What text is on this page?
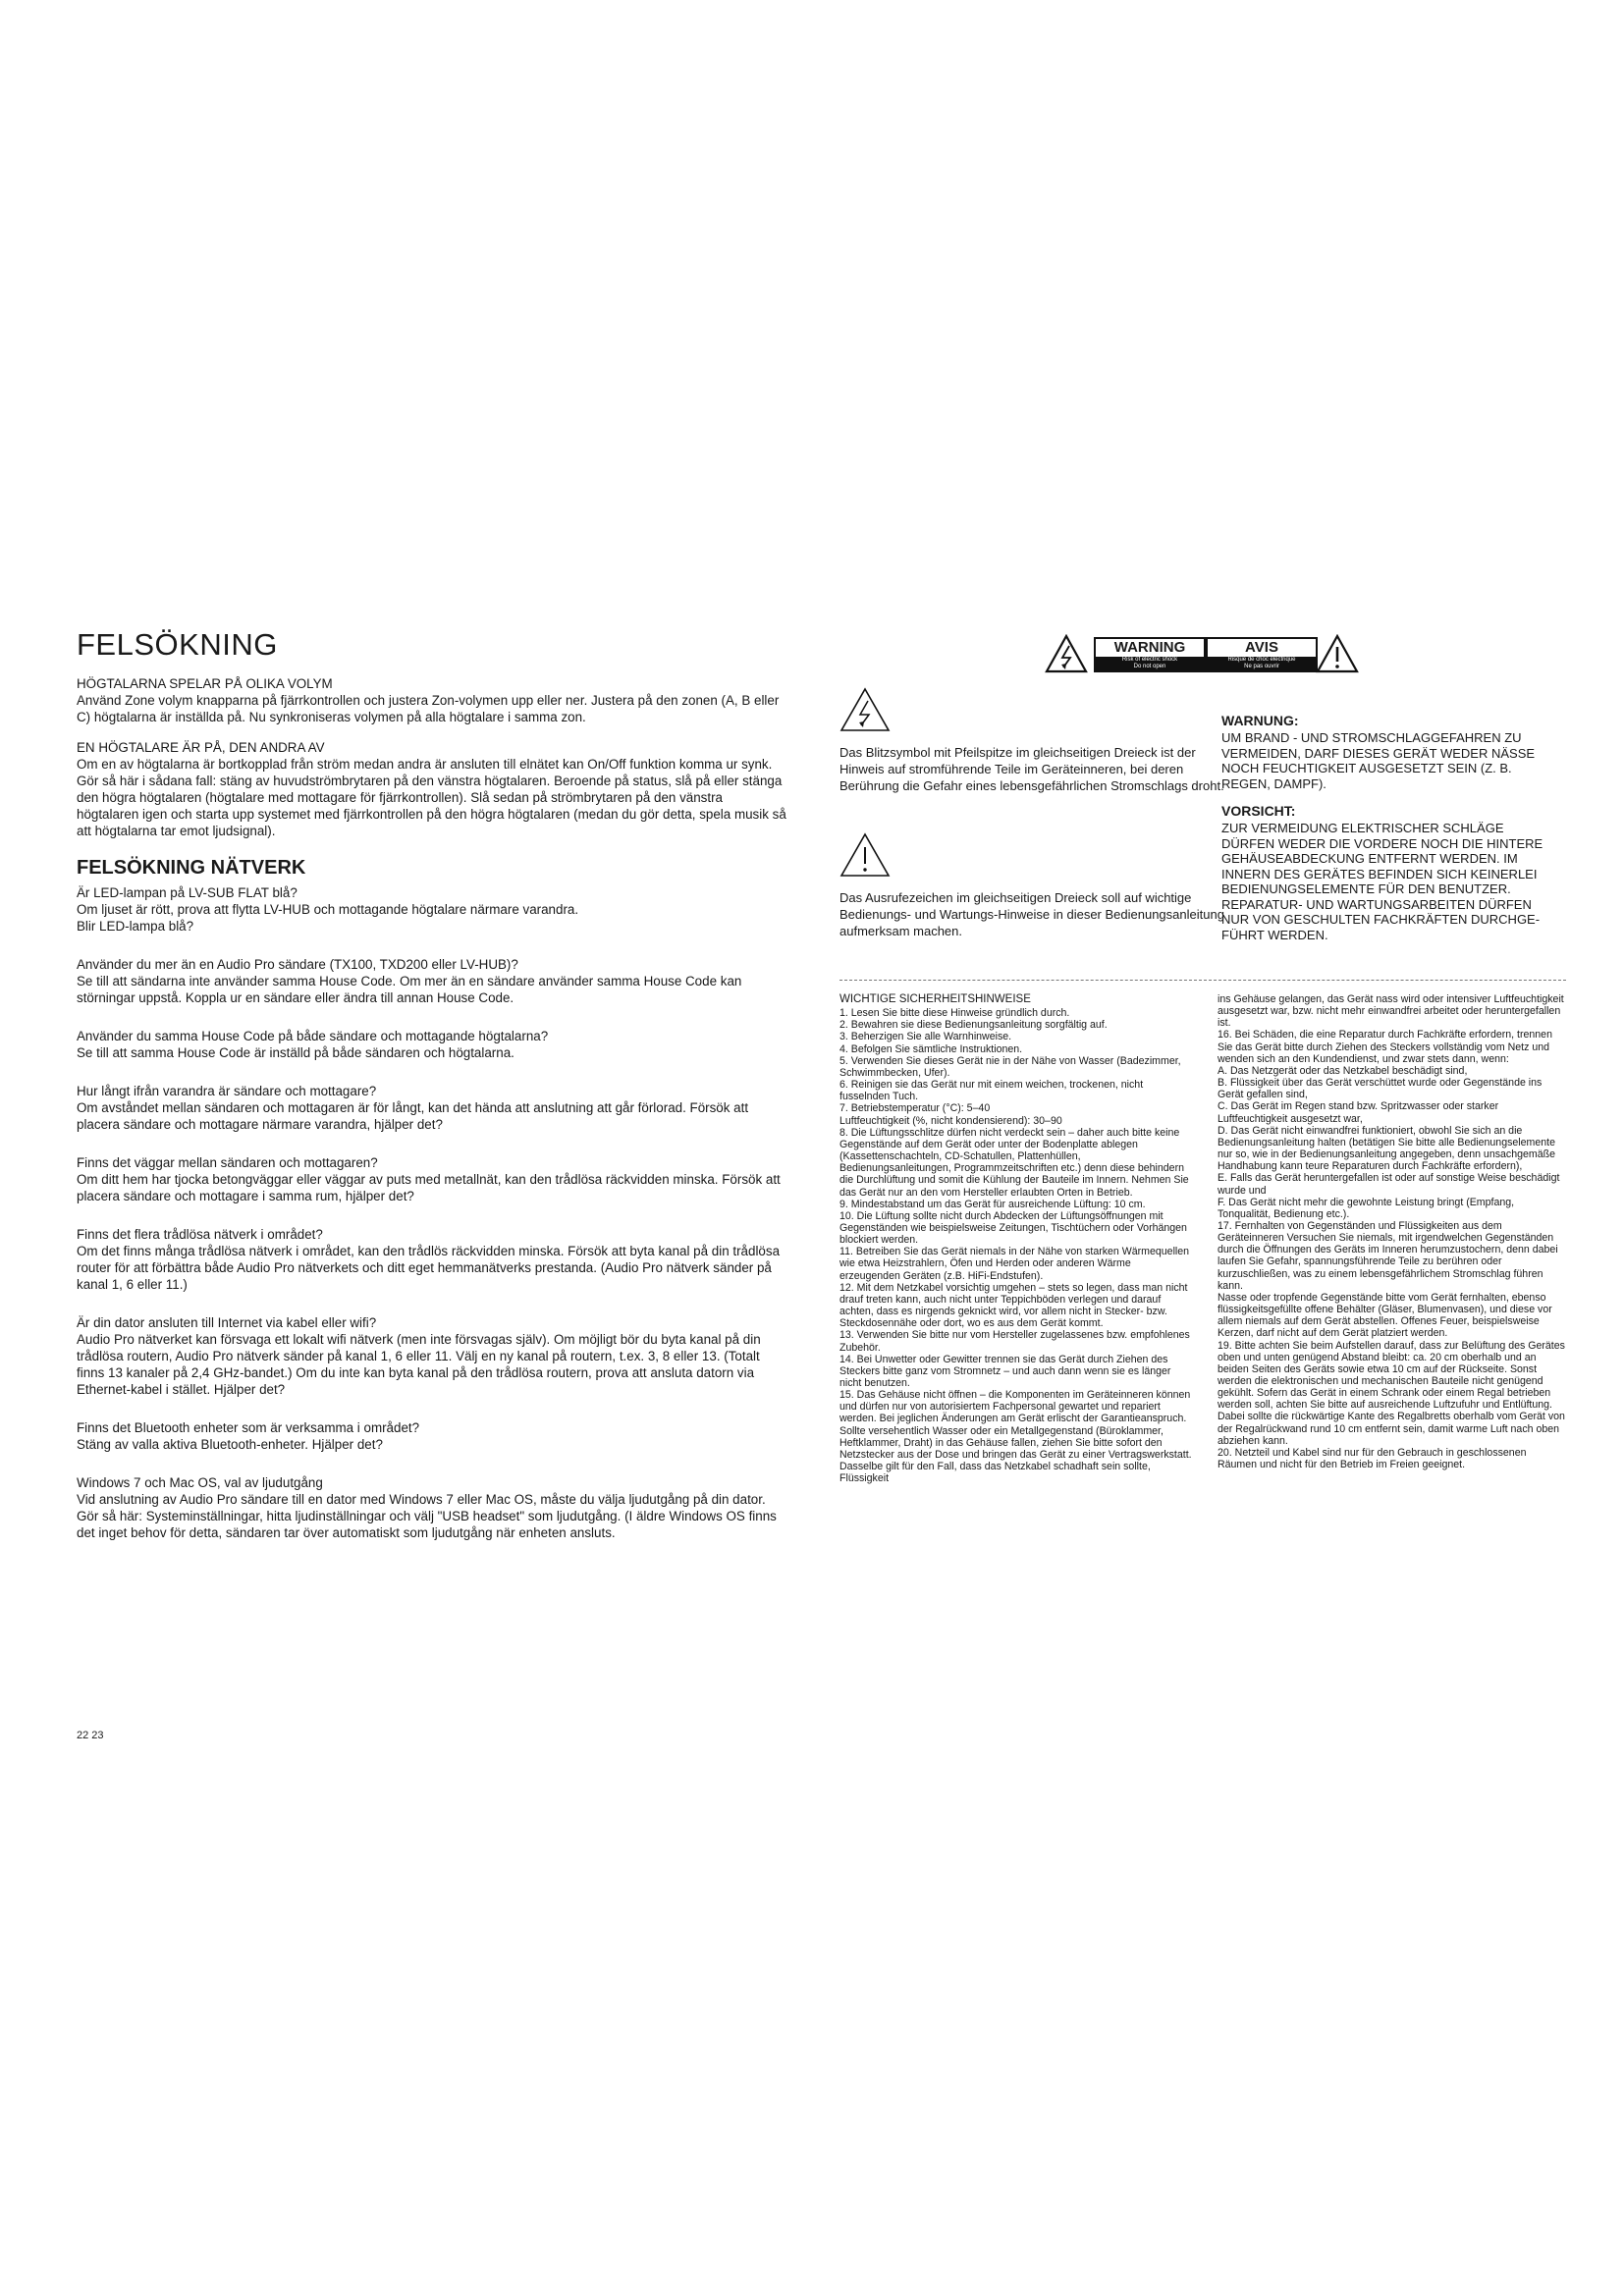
FELSÖKNING

HÖGTALARNA SPELAR PÅ OLIKA VOLYM

Använd Zone volym knapparna på fjärrkontrollen och justera Zon-volymen upp eller ner. Justera på den zonen (A, B eller C) högtalarna är inställda på. Nu synkroniseras volymen på alla högtalare i samma zon.

EN HÖGTALARE ÄR PÅ, DEN ANDRA AV

Om en av högtalarna är bortkopplad från ström medan andra är ansluten till elnätet kan On/Off funktion komma ur synk. Gör så här i sådana fall: stäng av huvudströmbrytaren på den vänstra högtalaren. Beroende på status, slå på eller stänga den högra högtalaren (högtalare med mottagare för fjärrkontrollen). Slå sedan på strömbrytaren på den vänstra högtalaren igen och starta upp systemet med fjärrkontrollen på den högra högtalaren (medan du gör detta, spela musik så att högtalarna tar emot ljudsignal).

FELSÖKNING NÄTVERK

Är LED-lampan på LV-SUB FLAT blå?

Om ljuset är rött, prova att flytta LV-HUB och mottagande högtalare närmare varandra.
Blir LED-lampa blå?

Använder du mer än en Audio Pro sändare (TX100, TXD200 eller LV-HUB)?

Se till att sändarna inte använder samma House Code. Om mer än en sändare använder samma House Code kan störningar uppstå. Koppla ur en sändare eller ändra till annan House Code.

Använder du samma House Code på både sändare och mottagande högtalarna?

Se till att samma House Code är inställd på både sändaren och högtalarna.

Hur långt ifrån varandra är sändare och mottagare?

Om avståndet mellan sändaren och mottagaren är för långt, kan det hända att anslutning att går förlorad. Försök att placera sändare och mottagare närmare varandra, hjälper det?

Finns det väggar mellan sändaren och mottagaren?

Om ditt hem har tjocka betongväggar eller väggar av puts med metallnät, kan den trådlösa räckvidden minska. Försök att placera sändare och mottagare i samma rum, hjälper det?

Finns det flera trådlösa nätverk i området?

Om det finns många trådlösa nätverk i området, kan den trådlös räckvidden minska. Försök att byta kanal på din trådlösa router för att förbättra både Audio Pro nätverkets och ditt eget hemmanätverks prestanda. (Audio Pro nätverk sänder på kanal 1, 6 eller 11.)

Är din dator ansluten till Internet via kabel eller wifi?

Audio Pro nätverket kan försvaga ett lokalt wifi nätverk (men inte försvagas själv). Om möjligt bör du byta kanal på din trådlösa routern, Audio Pro nätverk sänder på kanal 1, 6 eller 11. Välj en ny kanal på routern, t.ex. 3, 8 eller 13. (Totalt finns 13 kanaler på 2,4 GHz-bandet.) Om du inte kan byta kanal på den trådlösa routern, prova att ansluta datorn via Ethernet-kabel i stället. Hjälper det?

Finns det Bluetooth enheter som är verksamma i området?

Stäng av valla aktiva Bluetooth-enheter. Hjälper det?

Windows 7 och Mac OS, val av ljudutgång

Vid anslutning av Audio Pro sändare till en dator med Windows 7 eller Mac OS, måste du välja ljudutgång på din dator. Gör så här: Systeminställningar, hitta ljudinställningar och välj "USB headset" som ljudutgång. (I äldre Windows OS finns det inget behov för detta, sändaren tar över automatiskt som ljudutgång när enheten ansluts.

22 23
WARNING
Risk of electric shock
Do not open
AVIS
Risque de choc electrique
Ne pas ouvrir

Das Blitzsymbol mit Pfeilspitze im gleichseitigen Dreieck ist der Hinweis auf stromführende Teile im Geräteinneren, bei deren Berührung die Gefahr eines lebensgefährlichen Stromschlags droht.

Das Ausrufezeichen im gleichseitigen Dreieck soll auf wichtige Bedienungs- und Wartungs-Hinweise in dieser Bedienungsanleitung aufmerksam machen.

WARNUNG:

UM BRAND - UND STROMSCHLAGGEFAHREN ZU VERMEIDEN, DARF DIESES GERÄT WEDER NÄSSE NOCH FEUCHTIGKEIT AUSGESETZT SEIN (Z. B. REGEN, DAMPF).

VORSICHT:

ZUR VERMEIDUNG ELEKTRISCHER SCHLÄGE DÜRFEN WEDER DIE VORDERE NOCH DIE HINTERE GEHÄUSEABDECKUNG ENTFERNT WERDEN. IM INNERN DES GERÄTES BEFINDEN SICH KEINERLEI BEDIENUNGSELEMENTE FÜR DEN BENUTZER. REPARATUR- UND WARTUNGSARBEITEN DÜRFEN NUR VON GESCHULTEN FACHKRÄFTEN DURCHGE-FÜHRT WERDEN.

WICHTIGE SICHERHEITSHINWEISE

1. Lesen Sie bitte diese Hinweise gründlich durch.

2. Bewahren sie diese Bedienungsanleitung sorgfältig auf.

3. Beherzigen Sie alle Warnhinweise.

4. Befolgen Sie sämtliche Instruktionen.

5. Verwenden Sie dieses Gerät nie in der Nähe von Wasser (Badezimmer, Schwimmbecken, Ufer).

6. Reinigen sie das Gerät nur mit einem weichen, trockenen, nicht fusselnden Tuch.

7. Betriebstemperatur (°C): 5–40

Luftfeuchtigkeit (%, nicht kondensierend): 30–90

8. Die Lüftungsschlitze dürfen nicht verdeckt sein – daher auch bitte keine Gegenstände auf dem Gerät oder unter der Bodenplatte ablegen (Kassettenschachteln, CD-Schatullen, Plattenhüllen, Bedienungsanleitungen, Programmzeitschriften etc.) denn diese behindern die Durchlüftung und somit die Kühlung der Bauteile im Innern. Nehmen Sie das Gerät nur an den vom Hersteller erlaubten Orten in Betrieb.

9. Mindestabstand um das Gerät für ausreichende Lüftung: 10 cm.

10. Die Lüftung sollte nicht durch Abdecken der Lüftungsöffnungen mit Gegenständen wie beispielsweise Zeitungen, Tischtüchern oder Vorhängen blockiert werden.

11. Betreiben Sie das Gerät niemals in der Nähe von starken Wärmequellen wie etwa Heizstrahlern, Öfen und Herden oder anderen Wärme erzeugenden Geräten (z.B. HiFi-Endstufen).

12. Mit dem Netzkabel vorsichtig umgehen – stets so legen, dass man nicht drauf treten kann, auch nicht unter Teppichböden verlegen und darauf achten, dass es nirgends geknickt wird, vor allem nicht in Stecker- bzw. Steckdosennähe oder dort, wo es aus dem Gerät kommt.

13. Verwenden Sie bitte nur vom Hersteller zugelassenes bzw. empfohlenes Zubehör.

14. Bei Unwetter oder Gewitter trennen sie das Gerät durch Ziehen des Steckers bitte ganz vom Stromnetz – und auch dann wenn sie es länger nicht benutzen.

15. Das Gehäuse nicht öffnen – die Komponenten im Geräteinneren können und dürfen nur von autorisiertem Fachpersonal gewartet und repariert werden. Bei jeglichen Änderungen am Gerät erlischt der Garantieanspruch.

Sollte versehentlich Wasser oder ein Metallgegenstand (Büroklammer, Heftklammer, Draht) in das Gehäuse fallen, ziehen Sie bitte sofort den Netzstecker aus der Dose und bringen das Gerät zu einer Vertragswerkstatt. Dasselbe gilt für den Fall, dass das Netzkabel schadhaft sein sollte, Flüssigkeit

ins Gehäuse gelangen, das Gerät nass wird oder intensiver Luftfeuchtigkeit ausgesetzt war, bzw. nicht mehr einwandfrei arbeitet oder heruntergefallen ist.

16. Bei Schäden, die eine Reparatur durch Fachkräfte erfordern, trennen Sie das Gerät bitte durch Ziehen des Steckers vollständig vom Netz und wenden sich an den Kundendienst, und zwar stets dann, wenn:

A. Das Netzgerät oder das Netzkabel beschädigt sind,

B. Flüssigkeit über das Gerät verschüttet wurde oder Gegenstände ins Gerät gefallen sind,

C. Das Gerät im Regen stand bzw. Spritzwasser oder starker Luftfeuchtigkeit ausgesetzt war,

D. Das Gerät nicht einwandfrei funktioniert, obwohl Sie sich an die Bedienungsanleitung halten (betätigen Sie bitte alle Bedienungselemente nur so, wie in der Bedienungsanleitung angegeben, denn unsachgemäße Handhabung kann teure Reparaturen durch Fachkräfte erfordern),

E. Falls das Gerät heruntergefallen ist oder auf sonstige Weise beschädigt wurde und

F. Das Gerät nicht mehr die gewohnte Leistung bringt (Empfang, Tonqualität, Bedienung etc.).

17. Fernhalten von Gegenständen und Flüssigkeiten aus dem Geräteinneren Versuchen Sie niemals, mit irgendwelchen Gegenständen durch die Öffnungen des Geräts im Inneren herumzustochern, denn dabei laufen Sie Gefahr, spannungsführende Teile zu berühren oder kurzuschließen, was zu einem lebensgefährlichem Stromschlag führen kann.

Nasse oder tropfende Gegenstände bitte vom Gerät fernhalten, ebenso flüssigkeitsgefüllte offene Behälter (Gläser, Blumenvasen), und diese vor allem niemals auf dem Gerät abstellen. Offenes Feuer, beispielsweise Kerzen, darf nicht auf dem Gerät platziert werden.

19. Bitte achten Sie beim Aufstellen darauf, dass zur Belüftung des Gerätes oben und unten genügend Abstand bleibt: ca. 20 cm oberhalb und an beiden Seiten des Geräts sowie etwa 10 cm auf der Rückseite. Sonst werden die elektronischen und mechanischen Bauteile nicht genügend gekühlt. Sofern das Gerät in einem Schrank oder einem Regal betrieben werden soll, achten Sie bitte auf ausreichende Luftzufuhr und Entlüftung. Dabei sollte die rückwärtige Kante des Regalbretts oberhalb vom Gerät von der Regalrückwand rund 10 cm entfernt sein, damit warme Luft nach oben abziehen kann.

20. Netzteil und Kabel sind nur für den Gebrauch in geschlossenen Räumen und nicht für den Betrieb im Freien geeignet.
